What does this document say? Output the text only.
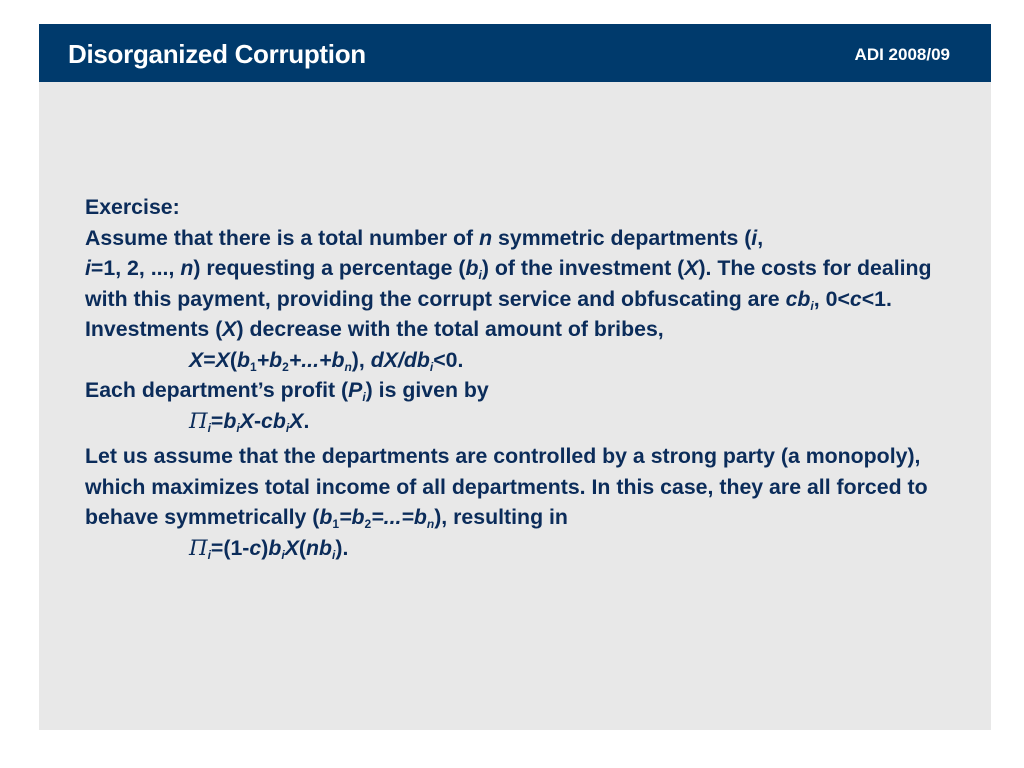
Disorganized Corruption	ADI 2008/09

Exercise:

Assume that there is a total number of n symmetric departments (i,
i=1, 2, ..., n) requesting a percentage $(b_i)$ of the investment (X). The costs for dealing with this payment, providing the corrupt service and obfuscating are $cb_i$, 0<c<1. Investments (X) decrease with the total amount of bribes,

$X=X(b_1+b_2+...+b_n)$, $dX/db_i<0$.

Each department’s profit $(P_i)$ is given by

$\Pi_i=b_iX-cb_iX$.

Let us assume that the departments are controlled by a strong party (a monopoly), which maximizes total income of all departments. In this case, they are all forced to behave symmetrically $(b_1=b_2=...=b_n)$, resulting in

$\Pi_i=(1-c)b_iX(nb_i)$.
